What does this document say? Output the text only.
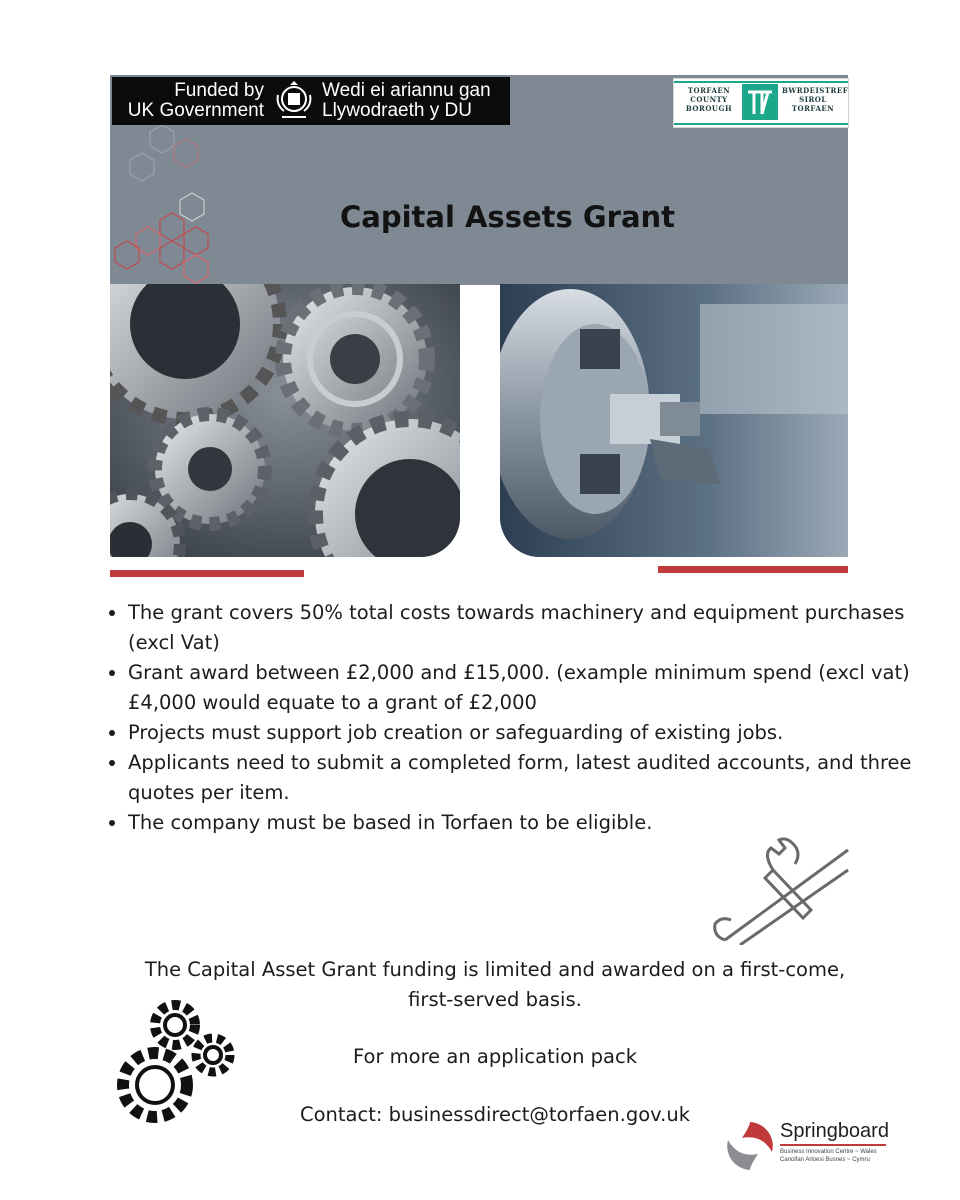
Funded by
UK Government
Wedi ei ariannu gan
Llywodraeth y DU
TORFAEN
COUNTY
BOROUGH
BWRDEISTREF
SIROL
TORFAEN
Capital Assets Grant
• The grant covers 50% total costs towards machinery and equipment purchases (excl Vat)
• Grant award between £2,000 and £15,000. (example minimum spend (excl vat) £4,000 would equate to a grant of £2,000
• Projects must support job creation or safeguarding of existing jobs.
• Applicants need to submit a completed form, latest audited accounts, and three quotes per item.
• The company must be based in Torfaen to be eligible.
The Capital Asset Grant funding is limited and awarded on a first-come,
first-served basis.
For more an application pack
Contact: businessdirect@torfaen.gov.uk
Springboard
Business Innovation Centre ~ Wales
Canolfan Arloesi Busnes ~ Cymru
